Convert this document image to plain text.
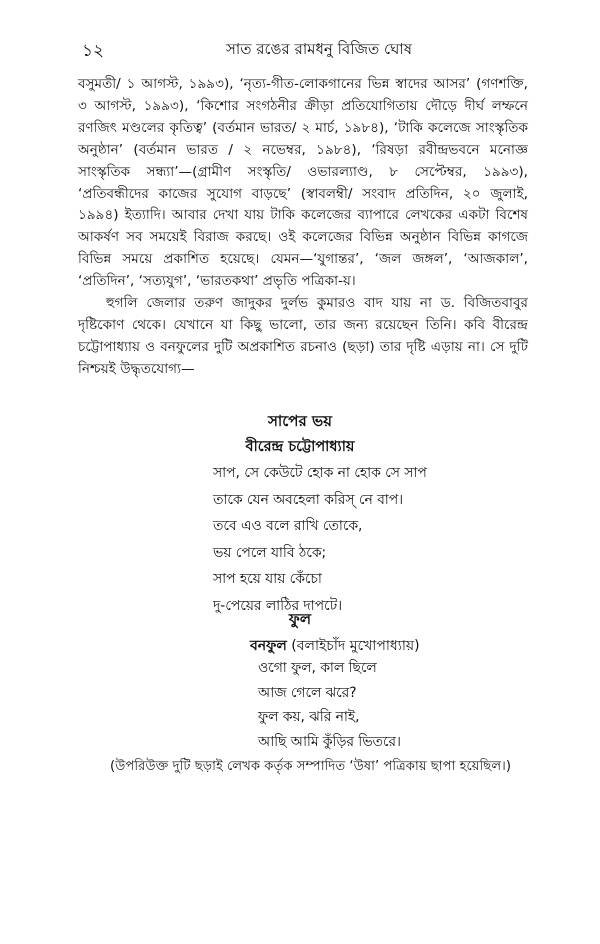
১২	সাত রঙের রামধনু বিজিত ঘোষ

বসুমতী/ ১ আগস্ট, ১৯৯৩), ‘নৃত্য-গীত-লোকগানের ভিন্ন স্বাদের আসর’ (গণশক্তি, ৩ আগস্ট, ১৯৯৩), ‘কিশোর সংগঠনীর ক্রীড়া প্রতিযোগিতায় দৌড়ে দীর্ঘ লম্ফনে রণজিৎ মণ্ডলের কৃতিত্ব’ (বর্তমান ভারত/ ২ মার্চ, ১৯৮৪), ‘টাকি কলেজে সাংস্কৃতিক অনুষ্ঠান’ (বর্তমান ভারত / ২ নভেম্বর, ১৯৮৪), ‘রিষড়া রবীন্দ্রভবনে মনোজ্ঞ সাংস্কৃতিক সন্ধ্যা’—(গ্রামীণ সংস্কৃতি/ ওভারল্যাণ্ড, ৮ সেপ্টেম্বর, ১৯৯৩), ‘প্রতিবন্ধীদের কাজের সুযোগ বাড়ছে’ (স্বাবলম্বী/ সংবাদ প্রতিদিন, ২০ জুলাই, ১৯৯৪) ইত্যাদি। আবার দেখা যায় টাকি কলেজের ব্যাপারে লেখকের একটা বিশেষ আকর্ষণ সব সময়েই বিরাজ করছে। ওই কলেজের বিভিন্ন অনুষ্ঠান বিভিন্ন কাগজে বিভিন্ন সময়ে প্রকাশিত হয়েছে। যেমন—‘যুগান্তর’, ‘জল জঙ্গল’, ‘আজকাল’, ‘প্রতিদিন’, ‘সত্যযুগ’, ‘ভারতকথা’ প্রভৃতি পত্রিকা-য়।

হুগলি জেলার তরুণ জাদুকর দুর্লভ কুমারও বাদ যায় না ড. বিজিতবাবুর দৃষ্টিকোণ থেকে। যেখানে যা কিছু ভালো, তার জন্য রয়েছেন তিনি। কবি বীরেন্দ্র চট্টোপাধ্যায় ও বনফুলের দুটি অপ্রকাশিত রচনাও (ছড়া) তার দৃষ্টি এড়ায় না। সে দুটি নিশ্চয়ই উদ্ধৃতযোগ্য—

সাপের ভয়
বীরেন্দ্র চট্টোপাধ্যায়
সাপ, সে কেউটে হোক না হোক সে সাপ
তাকে যেন অবহেলা করিস্‌ নে বাপ।
তবে এও বলে রাখি তোকে,
ভয় পেলে যাবি ঠকে;
সাপ হয়ে যায় কেঁচো
দু-পেয়ের লাঠির দাপটে।
ফুল
বনফুল (বলাইচাঁদ মুখোপাধ্যায়)
ওগো ফুল, কাল ছিলে
আজ গেলে ঝরে?
ফুল কয়, ঝরি নাই,
আছি আমি কুঁড়ির ভিতরে।
(উপরিউক্ত দুটি ছড়াই লেখক কর্তৃক সম্পাদিত ‘উষা’ পত্রিকায় ছাপা হয়েছিল।)
